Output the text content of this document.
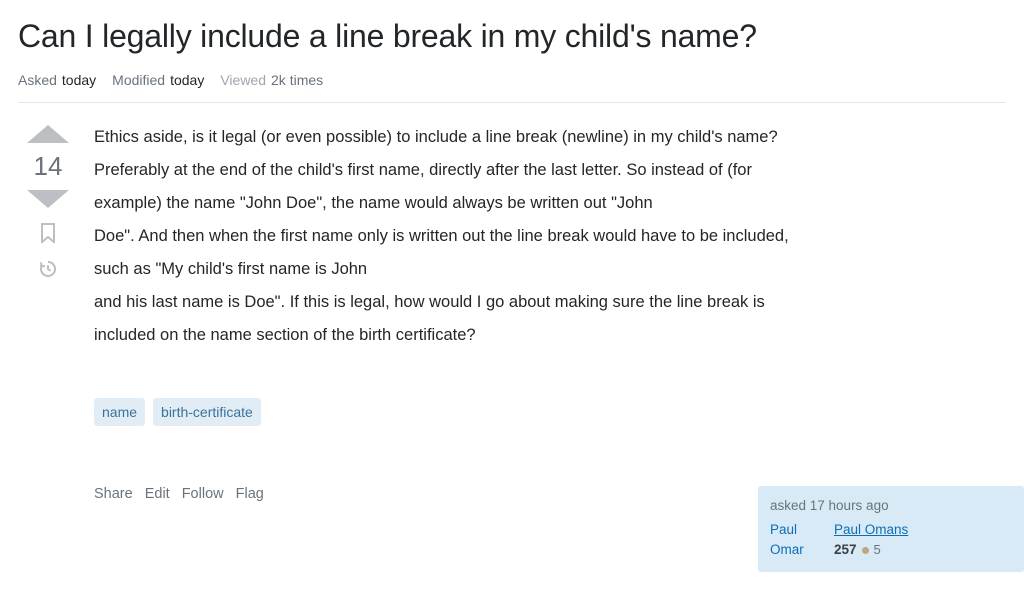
Can I legally include a line break in my child's name?
Asked today Modified today Viewed 2k times
14
Ethics aside, is it legal (or even possible) to include a line break (newline) in my child's name?
Preferably at the end of the child's first name, directly after the last letter. So instead of (for
example) the name "John Doe", the name would always be written out "John
Doe". And then when the first name only is written out the line break would have to be included,
such as "My child's first name is John
and his last name is Doe". If this is legal, how would I go about making sure the line break is
included on the name section of the birth certificate?
name	birth-certificate
Share Edit Follow Flag
asked 17 hours ago
Paul
Omar
Paul Omans
257 5
